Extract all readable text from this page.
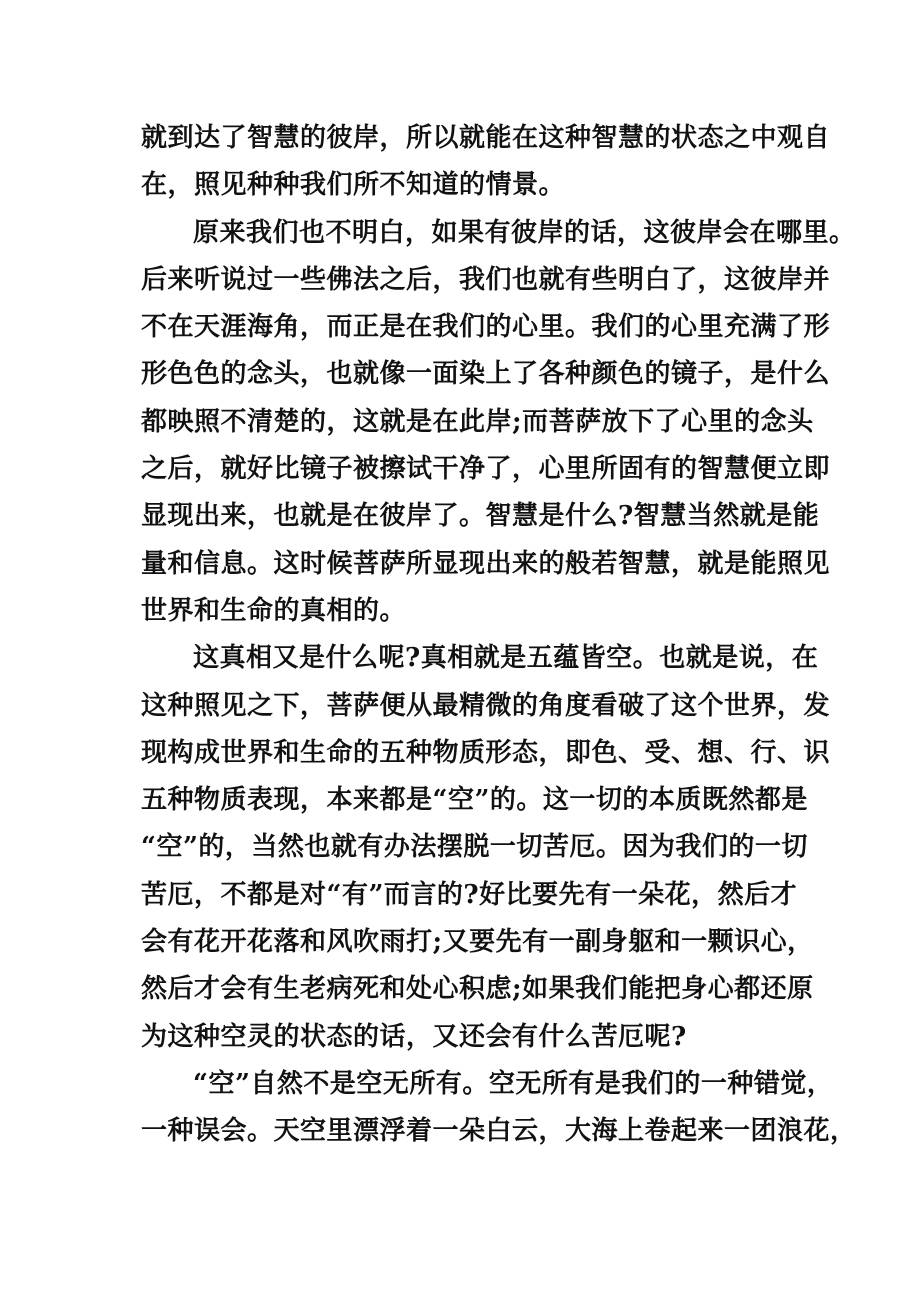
就到达了智慧的彼岸，所以就能在这种智慧的状态之中观自
在，照见种种我们所不知道的情景。
原来我们也不明白，如果有彼岸的话，这彼岸会在哪里。
后来听说过一些佛法之后，我们也就有些明白了，这彼岸并
不在天涯海角，而正是在我们的心里。我们的心里充满了形
形色色的念头，也就像一面染上了各种颜色的镜子，是什么
都映照不清楚的，这就是在此岸;而菩萨放下了心里的念头
之后，就好比镜子被擦试干净了，心里所固有的智慧便立即
显现出来，也就是在彼岸了。智慧是什么?智慧当然就是能
量和信息。这时候菩萨所显现出来的般若智慧，就是能照见
世界和生命的真相的。
这真相又是什么呢?真相就是五蕴皆空。也就是说，在
这种照见之下，菩萨便从最精微的角度看破了这个世界，发
现构成世界和生命的五种物质形态，即色、受、想、行、识
五种物质表现，本来都是“空”的。这一切的本质既然都是
“空”的，当然也就有办法摆脱一切苦厄。因为我们的一切
苦厄，不都是对“有”而言的?好比要先有一朵花，然后才
会有花开花落和风吹雨打;又要先有一副身躯和一颗识心，
然后才会有生老病死和处心积虑;如果我们能把身心都还原
为这种空灵的状态的话，又还会有什么苦厄呢?
“空”自然不是空无所有。空无所有是我们的一种错觉，
一种误会。天空里漂浮着一朵白云，大海上卷起来一团浪花，
